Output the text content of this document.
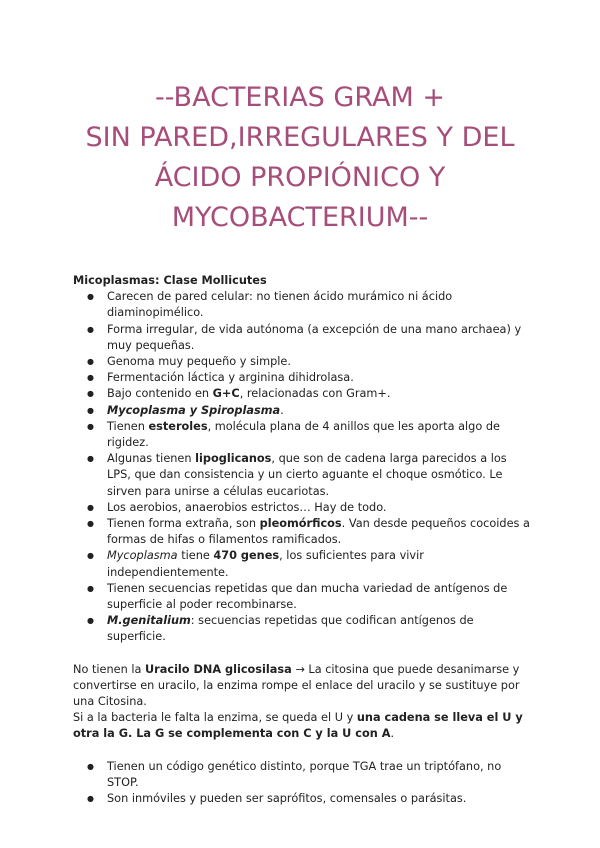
--BACTERIAS GRAM +
SIN PARED,IRREGULARES Y DEL
ÁCIDO PROPIÓNICO Y
MYCOBACTERIUM--

Micoplasmas: Clase Mollicutes

● Carecen de pared celular: no tienen ácido murámico ni ácido diaminopimélico.
● Forma irregular, de vida autónoma (a excepción de una mano archaea) y muy pequeñas.
● Genoma muy pequeño y simple.
● Fermentación láctica y arginina dihidrolasa.
● Bajo contenido en G+C, relacionadas con Gram+.
● Mycoplasma y Spiroplasma.
● Tienen esteroles, molécula plana de 4 anillos que les aporta algo de rigidez.
● Algunas tienen lipoglicanos, que son de cadena larga parecidos a los LPS, que dan consistencia y un cierto aguante el choque osmótico. Le sirven para unirse a células eucariotas.
● Los aerobios, anaerobios estrictos… Hay de todo.
● Tienen forma extraña, son pleomórficos. Van desde pequeños cocoides a formas de hifas o filamentos ramificados.
● Mycoplasma tiene 470 genes, los suficientes para vivir independientemente.
● Tienen secuencias repetidas que dan mucha variedad de antígenos de superficie al poder recombinarse.
● M.genitalium: secuencias repetidas que codifican antígenos de superficie.

No tienen la Uracilo DNA glicosilasa → La citosina que puede desanimarse y convertirse en uracilo, la enzima rompe el enlace del uracilo y se sustituye por una Citosina.

Si a la bacteria le falta la enzima, se queda el U y una cadena se lleva el U y otra la G. La G se complementa con C y la U con A.

● Tienen un código genético distinto, porque TGA trae un triptófano, no STOP.
● Son inmóviles y pueden ser saprófitos, comensales o parásitas.
